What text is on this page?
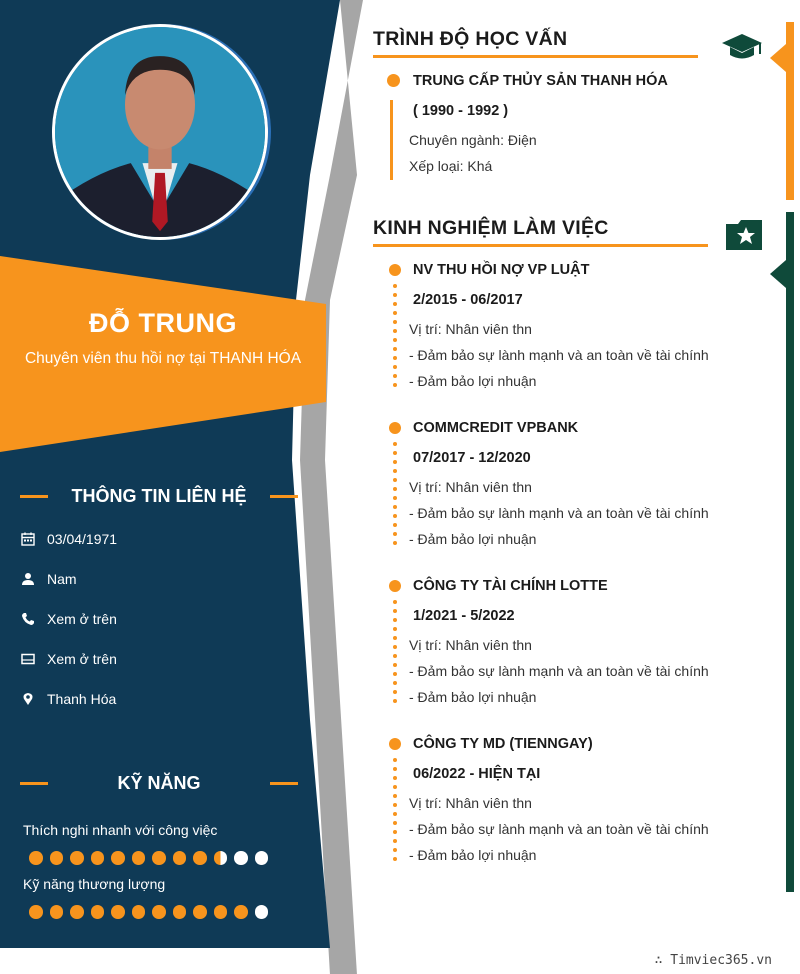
ĐỖ TRUNG
Chuyên viên thu hồi nợ tại THANH HÓA
THÔNG TIN LIÊN HỆ
03/04/1971
Nam
Xem ở trên
Xem ở trên
Thanh Hóa
KỸ NĂNG
Thích nghi nhanh với công việc
Kỹ năng thương lượng
TRÌNH ĐỘ HỌC VẤN
TRUNG CẤP THỦY SẢN THANH HÓA
( 1990 - 1992 )
Chuyên ngành: Điện
Xếp loại: Khá
KINH NGHIỆM LÀM VIỆC
NV THU HỒI NỢ VP LUẬT
2/2015 - 06/2017
Vị trí: Nhân viên thn
- Đảm bảo sự lành mạnh và an toàn về tài chính
- Đảm bảo lợi nhuận
COMMCREDIT VPBANK
07/2017 - 12/2020
Vị trí: Nhân viên thn
- Đảm bảo sự lành mạnh và an toàn về tài chính
- Đảm bảo lợi nhuận
CÔNG TY TÀI CHÍNH LOTTE
1/2021 - 5/2022
Vị trí: Nhân viên thn
- Đảm bảo sự lành mạnh và an toàn về tài chính
- Đảm bảo lợi nhuận
CÔNG TY MD (TIENNGAY)
06/2022 - HIỆN TẠI
Vị trí: Nhân viên thn
- Đảm bảo sự lành mạnh và an toàn về tài chính
- Đảm bảo lợi nhuận
∴ Timviec365.vn
